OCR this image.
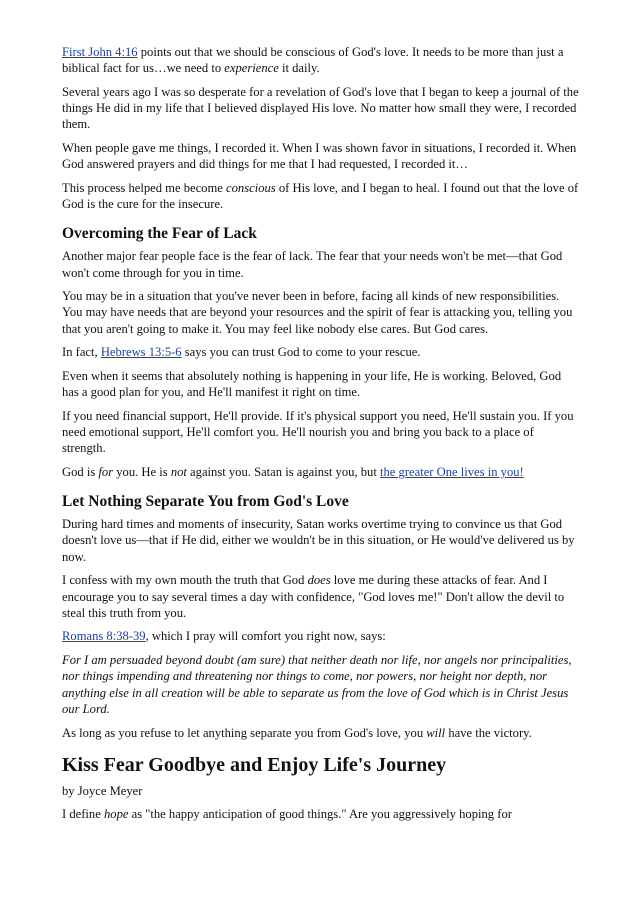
First John 4:16 points out that we should be conscious of God's love. It needs to be more than just a biblical fact for us…we need to experience it daily.

Several years ago I was so desperate for a revelation of God's love that I began to keep a journal of the things He did in my life that I believed displayed His love. No matter how small they were, I recorded them.

When people gave me things, I recorded it. When I was shown favor in situations, I recorded it. When God answered prayers and did things for me that I had requested, I recorded it…

This process helped me become conscious of His love, and I began to heal. I found out that the love of God is the cure for the insecure.

Overcoming the Fear of Lack

Another major fear people face is the fear of lack. The fear that your needs won't be met—that God won't come through for you in time.

You may be in a situation that you've never been in before, facing all kinds of new responsibilities. You may have needs that are beyond your resources and the spirit of fear is attacking you, telling you that you aren't going to make it. You may feel like nobody else cares. But God cares.

In fact, Hebrews 13:5-6 says you can trust God to come to your rescue.

Even when it seems that absolutely nothing is happening in your life, He is working. Beloved, God has a good plan for you, and He'll manifest it right on time.

If you need financial support, He'll provide. If it's physical support you need, He'll sustain you. If you need emotional support, He'll comfort you. He'll nourish you and bring you back to a place of strength.

God is for you. He is not against you. Satan is against you, but the greater One lives in you!

Let Nothing Separate You from God's Love

During hard times and moments of insecurity, Satan works overtime trying to convince us that God doesn't love us—that if He did, either we wouldn't be in this situation, or He would've delivered us by now.

I confess with my own mouth the truth that God does love me during these attacks of fear. And I encourage you to say several times a day with confidence, "God loves me!" Don't allow the devil to steal this truth from you.

Romans 8:38-39, which I pray will comfort you right now, says:

For I am persuaded beyond doubt (am sure) that neither death nor life, nor angels nor principalities, nor things impending and threatening nor things to come, nor powers, nor height nor depth, nor anything else in all creation will be able to separate us from the love of God which is in Christ Jesus our Lord.

As long as you refuse to let anything separate you from God's love, you will have the victory.

Kiss Fear Goodbye and Enjoy Life's Journey

by Joyce Meyer

I define hope as "the happy anticipation of good things." Are you aggressively hoping for
